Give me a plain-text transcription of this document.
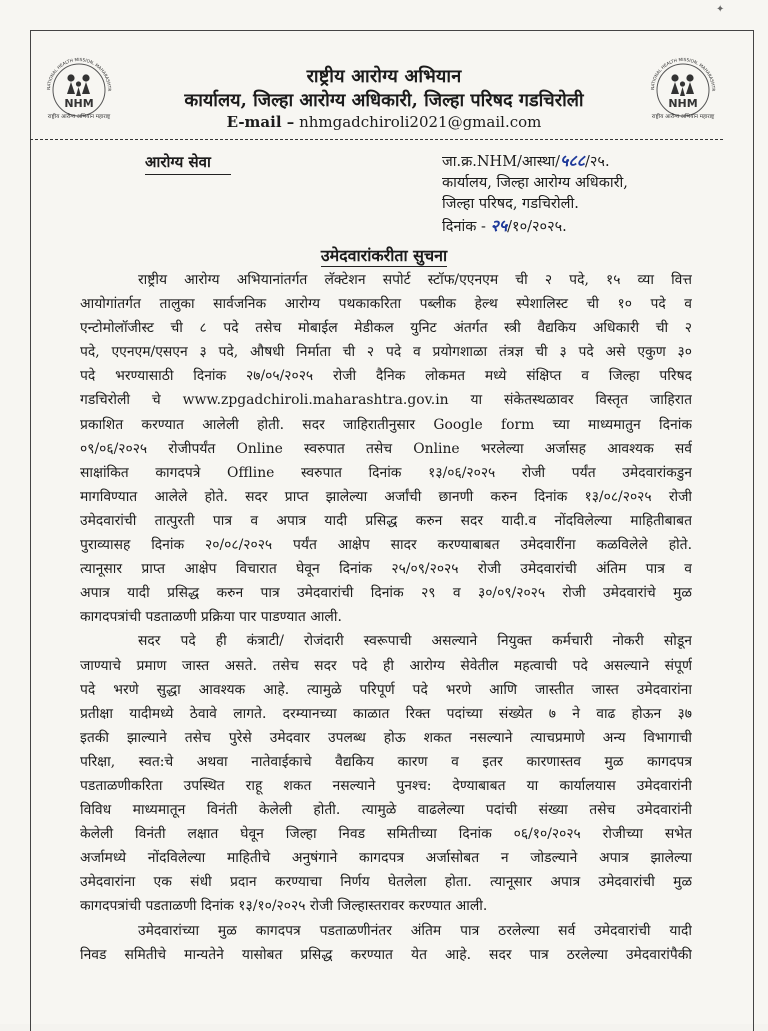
NATIONAL HEALTH MISSION, MAHARASHTR
NHM
राष्ट्रीय आरोग्य अभियान महाराष्ट्र
NATIONAL HEALTH MISSION, MAHARASHTR
NHM
राष्ट्रीय आरोग्य अभियान महाराष्ट्र
राष्ट्रीय आरोग्य अभियान
कार्यालय, जिल्हा आरोग्य अधिकारी, जिल्हा परिषद गडचिरोली
E-mail – nhmgadchiroli2021@gmail.com
आरोग्य सेवा	जा.क्र.NHM/आस्था/५८८/२५.
कार्यालय, जिल्हा आरोग्य अधिकारी,
जिल्हा परिषद, गडचिरोली.
दिनांक - २५/१०/२०२५.
उमेदवारांकरीता सुचना
राष्ट्रीय आरोग्य अभियानांतर्गत लॅक्टेशन सपोर्ट स्टॉफ/एएनएम ची २ पदे, १५ व्या वित्त
आयोगांतर्गत तालुका सार्वजनिक आरोग्य पथकाकरिता पब्लीक हेल्थ स्पेशालिस्ट ची १० पदे व
एन्टोमोलॉजीस्ट ची ८ पदे तसेच मोबाईल मेडीकल युनिट अंतर्गत स्त्री वैद्यकिय अधिकारी ची २
पदे, एएनएम/एसएन ३ पदे, औषधी निर्माता ची २ पदे व प्रयोगशाळा तंत्रज्ञ ची ३ पदे असे एकुण ३०
पदे भरण्यासाठी दिनांक २७/०५/२०२५ रोजी दैनिक लोकमत मध्ये संक्षिप्त व जिल्हा परिषद
गडचिरोली चे www.zpgadchiroli.maharashtra.gov.in या संकेतस्थळावर विस्तृत जाहिरात
प्रकाशित करण्यात आलेली होती. सदर जाहिरातीनुसार Google form च्या माध्यमातुन दिनांक
०९/०६/२०२५ रोजीपर्यंत Online स्वरुपात तसेच Online भरलेल्या अर्जासह आवश्यक सर्व
साक्षांकित कागदपत्रे Offline स्वरुपात दिनांक १३/०६/२०२५ रोजी पर्यंत उमेदवारांकडुन
मागविण्यात आलेले होते. सदर प्राप्त झालेल्या अर्जांची छानणी करुन दिनांक १३/०८/२०२५ रोजी
उमेदवारांची तात्पुरती पात्र व अपात्र यादी प्रसिद्ध करुन सदर यादी.व नोंदविलेल्या माहितीबाबत
पुराव्यासह दिनांक २०/०८/२०२५ पर्यंत आक्षेप सादर करण्याबाबत उमेदवारींना कळविलेले होते.
त्यानूसार प्राप्त आक्षेप विचारात घेवून दिनांक २५/०९/२०२५ रोजी उमेदवारांची अंतिम पात्र व
अपात्र यादी प्रसिद्ध करुन पात्र उमेदवारांची दिनांक २९ व ३०/०९/२०२५ रोजी उमेदवारांचे मुळ
कागदपत्रांची पडताळणी प्रक्रिया पार पाडण्यात आली.
सदर पदे ही कंत्राटी/ रोजंदारी स्वरूपाची असल्याने नियुक्त कर्मचारी नोकरी सोडून
जाण्याचे प्रमाण जास्त असते. तसेच सदर पदे ही आरोग्य सेवेतील महत्वाची पदे असल्याने संपूर्ण
पदे भरणे सुद्धा आवश्यक आहे. त्यामुळे परिपूर्ण पदे भरणे आणि जास्तीत जास्त उमेदवारांना
प्रतीक्षा यादीमध्ये ठेवावे लागते. दरम्यानच्या काळात रिक्त पदांच्या संख्येत ७ ने वाढ होऊन ३७
इतकी झाल्याने तसेच पुरेसे उमेदवार उपलब्ध होऊ शकत नसल्याने त्याचप्रमाणे अन्य विभागाची
परिक्षा, स्वत:चे अथवा नातेवाईकाचे वैद्यकिय कारण व इतर कारणास्तव मुळ कागदपत्र
पडताळणीकरिता उपस्थित राहू शकत नसल्याने पुनश्च: देण्याबाबत या कार्यालयास उमेदवारांनी
विविध माध्यमातून विनंती केलेली होती. त्यामुळे वाढलेल्या पदांची संख्या तसेच उमेदवारांनी
केलेली विनंती लक्षात घेवून जिल्हा निवड समितीच्या दिनांक ०६/१०/२०२५ रोजीच्या सभेत
अर्जामध्ये नोंदविलेल्या माहितीचे अनुषंगाने कागदपत्र अर्जासोबत न जोडल्याने अपात्र झालेल्या
उमेदवारांना एक संधी प्रदान करण्याचा निर्णय घेतलेला होता. त्यानूसार अपात्र उमेदवारांची मुळ
कागदपत्रांची पडताळणी दिनांक १३/१०/२०२५ रोजी जिल्हास्तरावर करण्यात आली.
उमेदवारांच्या मुळ कागदपत्र पडताळणीनंतर अंतिम पात्र ठरलेल्या सर्व उमेदवारांची यादी
निवड समितीचे मान्यतेने यासोबत प्रसिद्ध करण्यात येत आहे. सदर पात्र ठरलेल्या उमेदवारांपैकी
✦
